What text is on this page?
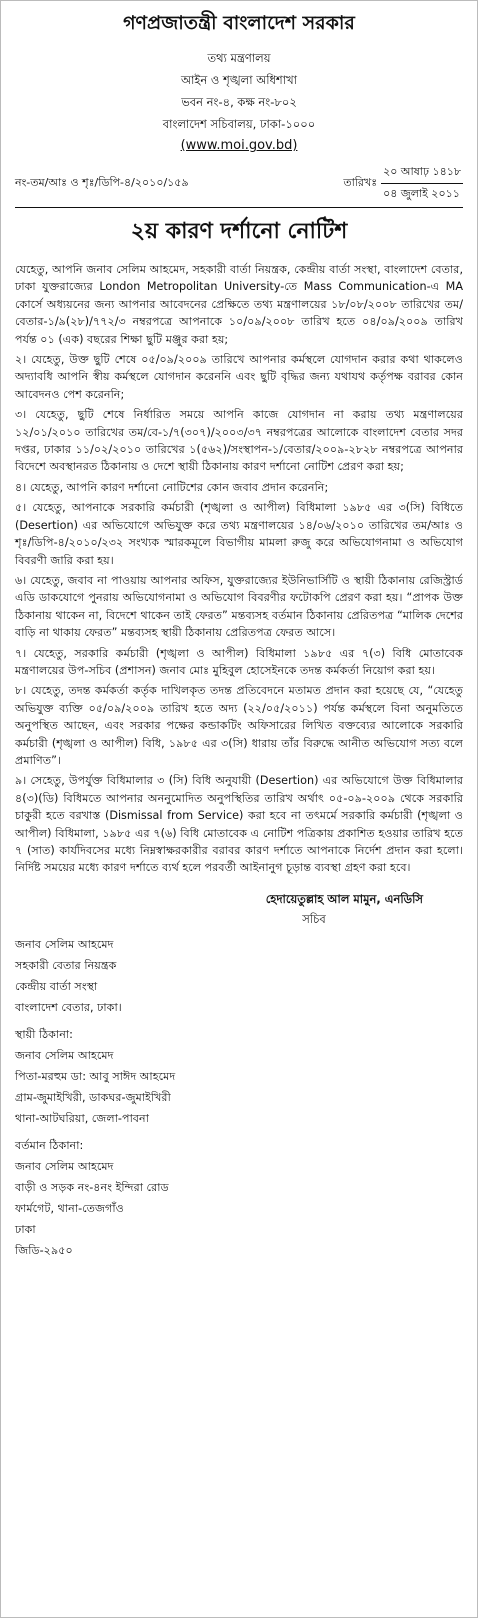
গণপ্রজাতন্ত্রী বাংলাদেশ সরকার
তথ্য মন্ত্রণালয়
আইন ও শৃঙ্খলা অধিশাখা
ভবন নং-৪, কক্ষ নং-৮০২
বাংলাদেশ সচিবালয়, ঢাকা-১০০০
(www.moi.gov.bd)
নং-তম/আঃ ও শৃঃ/ডিপি-৪/২০১০/১৫৯	তারিখঃ
২০ আষাঢ় ১৪১৮
০৪ জুলাই ২০১১
২য় কারণ দর্শানো নোটিশ

যেহেতু, আপনি জনাব সেলিম আহমেদ, সহকারী বার্তা নিয়ন্ত্রক, কেন্দ্রীয় বার্তা সংস্থা, বাংলাদেশ বেতার, ঢাকা যুক্তরাজ্যের London Metropolitan University-তে Mass Communication-এ MA কোর্সে অধ্যয়নের জন্য আপনার আবেদনের প্রেক্ষিতে তথ্য মন্ত্রণালয়ের ১৮/০৮/২০০৮ তারিখের তম/বেতার-১/৯(২৮)/৭৭২/৩ নম্বরপত্রে আপনাকে ১০/০৯/২০০৮ তারিখ হতে ০৪/০৯/২০০৯ তারিখ পর্যন্ত ০১ (এক) বছরের শিক্ষা ছুটি মঞ্জুর করা হয়;

২। যেহেতু, উক্ত ছুটি শেষে ০৫/০৯/২০০৯ তারিখে আপনার কর্মস্থলে যোগদান করার কথা থাকলেও অদ্যাবধি আপনি স্বীয় কর্মস্থলে যোগদান করেননি এবং ছুটি বৃদ্ধির জন্য যথাযথ কর্তৃপক্ষ বরাবর কোন আবেদনও পেশ করেননি;

৩। যেহেতু, ছুটি শেষে নির্ধারিত সময়ে আপনি কাজে যোগদান না করায় তথ্য মন্ত্রণালয়ের ১২/০১/২০১০ তারিখের তম/বে-১/৭(৩০৭)/২০০৩/৩৭ নম্বরপত্রের আলোকে বাংলাদেশ বেতার সদর দপ্তর, ঢাকার ১১/০২/২০১০ তারিখের ১(৫৬২)/সংস্থাপন-১/বেতার/২০০৯-২৮২৮ নম্বরপত্রে আপনার বিদেশে অবস্থানরত ঠিকানায় ও দেশে স্থায়ী ঠিকানায় কারণ দর্শানো নোটিশ প্রেরণ করা হয়;

৪। যেহেতু, আপনি কারণ দর্শানো নোটিশের কোন জবাব প্রদান করেননি;

৫। যেহেতু, আপনাকে সরকারি কর্মচারী (শৃঙ্খলা ও আপীল) বিধিমালা ১৯৮৫ এর ৩(সি) বিধিতে (Desertion) এর অভিযোগে অভিযুক্ত করে তথ্য মন্ত্রণালয়ের ১৪/০৬/২০১০ তারিখের তম/আঃ ও শৃঃ/ডিপি-৪/২০১০/২৩২ সংখ্যক স্মারকমূলে বিভাগীয় মামলা রুজু করে অভিযোগনামা ও অভিযোগ বিবরণী জারি করা হয়।

৬। যেহেতু, জবাব না পাওয়ায় আপনার অফিস, যুক্তরাজ্যের ইউনিভার্সিটি ও স্থায়ী ঠিকানায় রেজিস্ট্রার্ড এডি ডাকযোগে পুনরায় অভিযোগনামা ও অভিযোগ বিবরণীর ফটোকপি প্রেরণ করা হয়। “প্রাপক উক্ত ঠিকানায় থাকেন না, বিদেশে থাকেন তাই ফেরত” মন্তব্যসহ বর্তমান ঠিকানায় প্রেরিতপত্র “মালিক দেশের বাড়ি না থাকায় ফেরত” মন্তব্যসহ স্থায়ী ঠিকানায় প্রেরিতপত্র ফেরত আসে।

৭। যেহেতু, সরকারি কর্মচারী (শৃঙ্খলা ও আপীল) বিধিমালা ১৯৮৫ এর ৭(৩) বিধি মোতাবেক মন্ত্রণালয়ের উপ-সচিব (প্রশাসন) জনাব মোঃ মুহিবুল হোসেইনকে তদন্ত কর্মকর্তা নিয়োগ করা হয়।

৮। যেহেতু, তদন্ত কর্মকর্তা কর্তৃক দাখিলকৃত তদন্ত প্রতিবেদনে মতামত প্রদান করা হয়েছে যে, “যেহেতু অভিযুক্ত ব্যক্তি ০৫/০৯/২০০৯ তারিখ হতে অদ্য (২২/০৫/২০১১) পর্যন্ত কর্মস্থলে বিনা অনুমতিতে অনুপস্থিত আছেন, এবং সরকার পক্ষের কন্ডাকটিং অফিসারের লিখিত বক্তব্যের আলোকে সরকারি কর্মচারী (শৃঙ্খলা ও আপীল) বিধি, ১৯৮৫ এর ৩(সি) ধারায় তাঁর বিরুদ্ধে আনীত অভিযোগ সত্য বলে প্রমাণিত”।

৯। সেহেতু, উপর্যুক্ত বিধিমালার ৩ (সি) বিধি অনুযায়ী (Desertion) এর অভিযোগে উক্ত বিধিমালার ৪(৩)(ডি) বিধিমতে আপনার অননুমোদিত অনুপস্থিতির তারিখ অর্থাৎ ০৫-০৯-২০০৯ থেকে সরকারি চাকুরী হতে বরখাস্ত (Dismissal from Service) করা হবে না তৎমর্মে সরকারি কর্মচারী (শৃঙ্খলা ও আপীল) বিধিমালা, ১৯৮৫ এর ৭(৬) বিধি মোতাবেক এ নোটিশ পত্রিকায় প্রকাশিত হওয়ার তারিখ হতে ৭ (সাত) কার্যদিবসের মধ্যে নিম্নস্বাক্ষরকারীর বরাবর কারণ দর্শাতে আপনাকে নির্দেশ প্রদান করা হলো। নির্দিষ্ট সময়ের মধ্যে কারণ দর্শাতে ব্যর্থ হলে পরবর্তী আইনানুগ চূড়ান্ত ব্যবস্থা গ্রহণ করা হবে।

হেদায়েতুল্লাহ আল মামুন, এনডিসি
সচিব
জনাব সেলিম আহমেদ
সহকারী বেতার নিয়ন্ত্রক
কেন্দ্রীয় বার্তা সংস্থা
বাংলাদেশ বেতার, ঢাকা।
স্থায়ী ঠিকানা:
জনাব সেলিম আহমেদ
পিতা-মরহুম ডা: আবু সাঈদ আহমেদ
গ্রাম-জুমাইখিরী, ডাকঘর-জুমাইখিরী
থানা-আটঘরিয়া, জেলা-পাবনা
বর্তমান ঠিকানা:
জনাব সেলিম আহমেদ
বাড়ী ও সড়ক নং-৪নং ইন্দিরা রোড
ফার্মগেট, থানা-তেজগাঁও
ঢাকা
জিডি-২৯৫০
